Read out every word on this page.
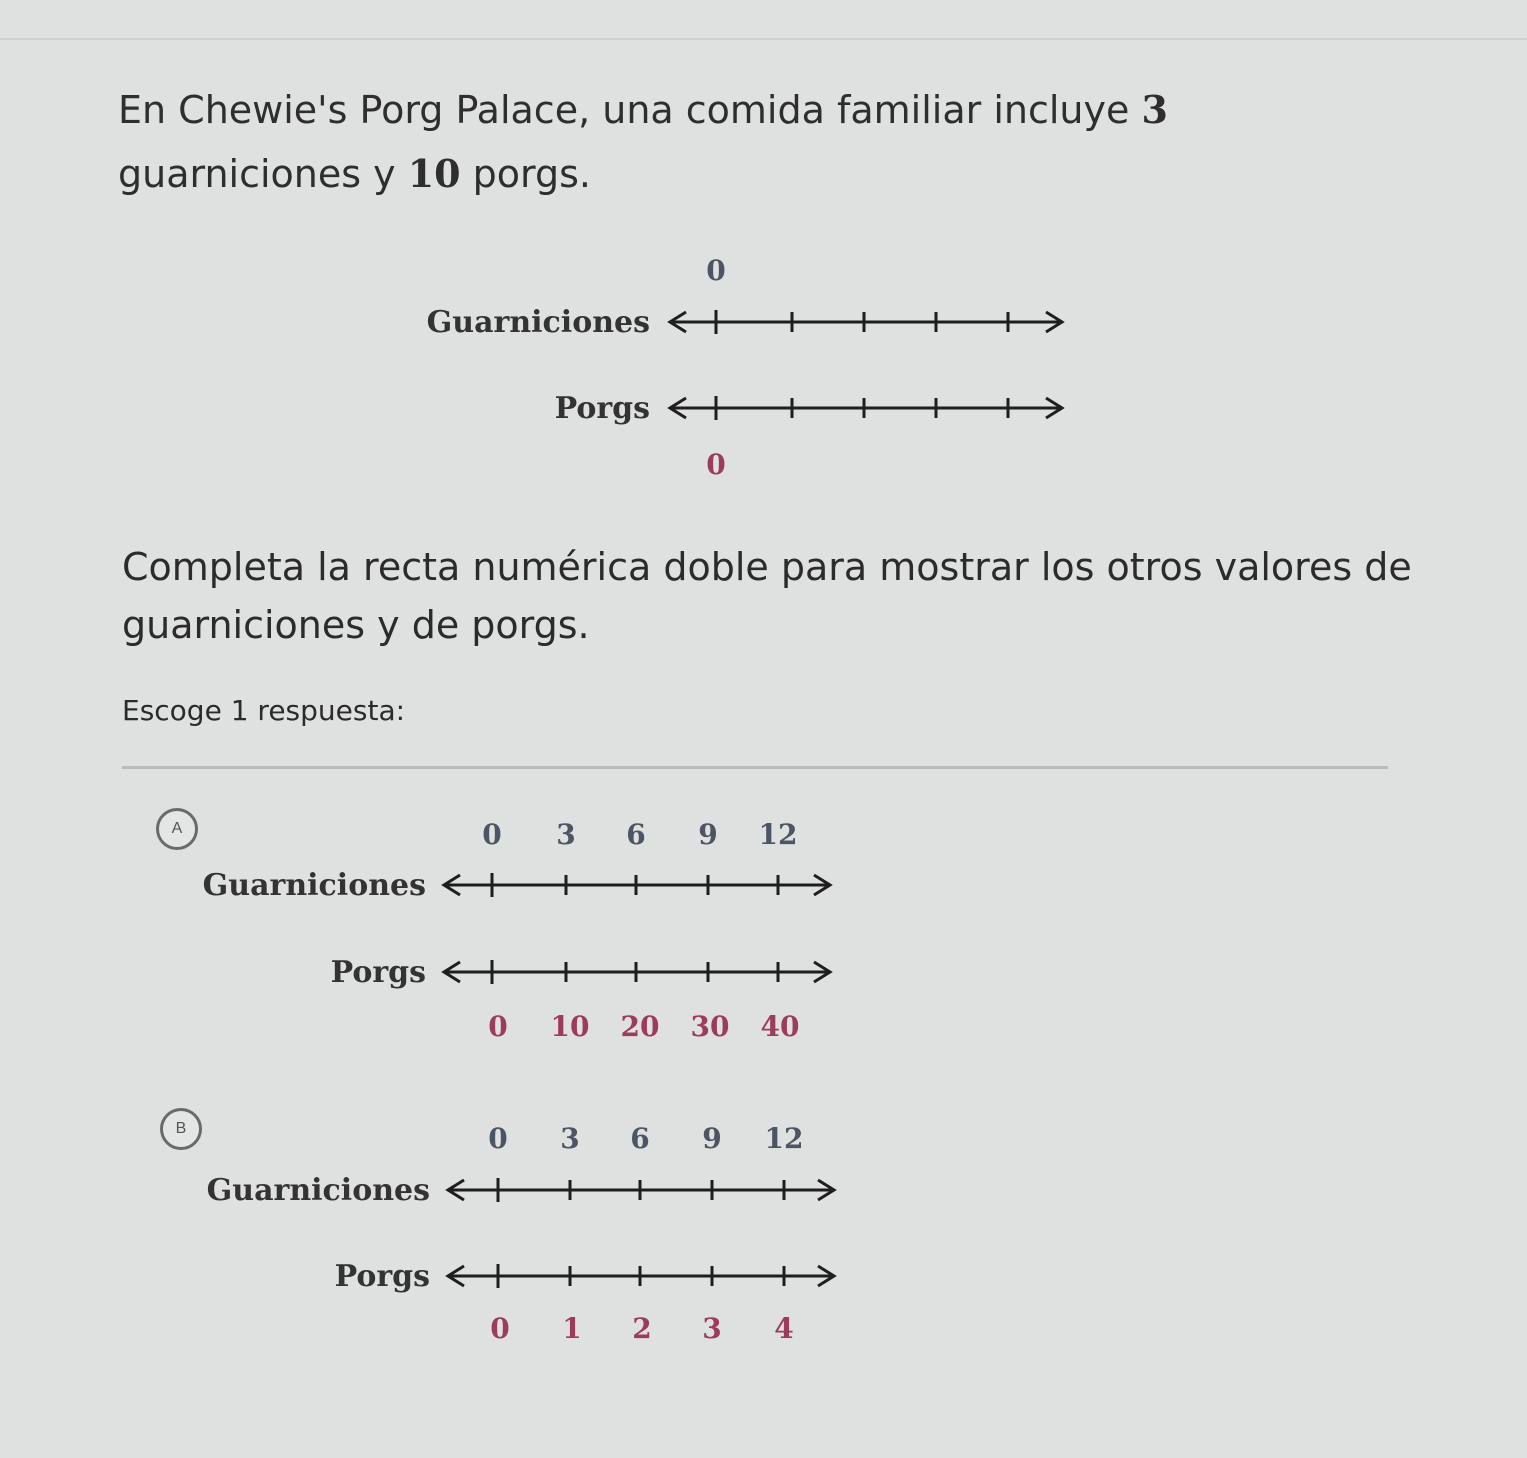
En Chewie's Porg Palace, una comida familiar incluye 3 guarniciones y 10 porgs.
Guarniciones
Porgs
0
0
Completa la recta numérica doble para mostrar los otros valores de guarniciones y de porgs.
Escoge 1 respuesta:
A
Guarniciones
Porgs
0 3 6 9 12
0 10 20 30 40
B
Guarniciones
Porgs
0 3 6 9 12
0 1 2 3 4
